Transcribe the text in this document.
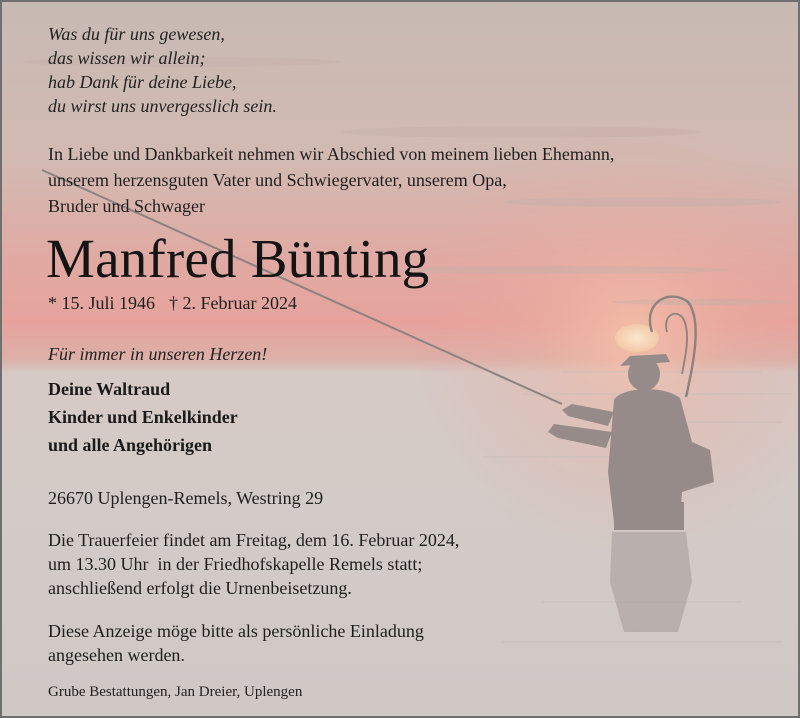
Was du für uns gewesen,
das wissen wir allein;
hab Dank für deine Liebe,
du wirst uns unvergesslich sein.
In Liebe und Dankbarkeit nehmen wir Abschied von meinem lieben Ehemann,
unserem herzensguten Vater und Schwiegervater, unserem Opa,
Bruder und Schwager
Manfred Bünting
* 15. Juli 1946 † 2. Februar 2024
Für immer in unseren Herzen!
Deine Waltraud
Kinder und Enkelkinder
und alle Angehörigen
26670 Uplengen-Remels, Westring 29
Die Trauerfeier findet am Freitag, dem 16. Februar 2024,
um 13.30 Uhr  in der Friedhofskapelle Remels statt;
anschließend erfolgt die Urnenbeisetzung.
Diese Anzeige möge bitte als persönliche Einladung
angesehen werden.
Grube Bestattungen, Jan Dreier, Uplengen
